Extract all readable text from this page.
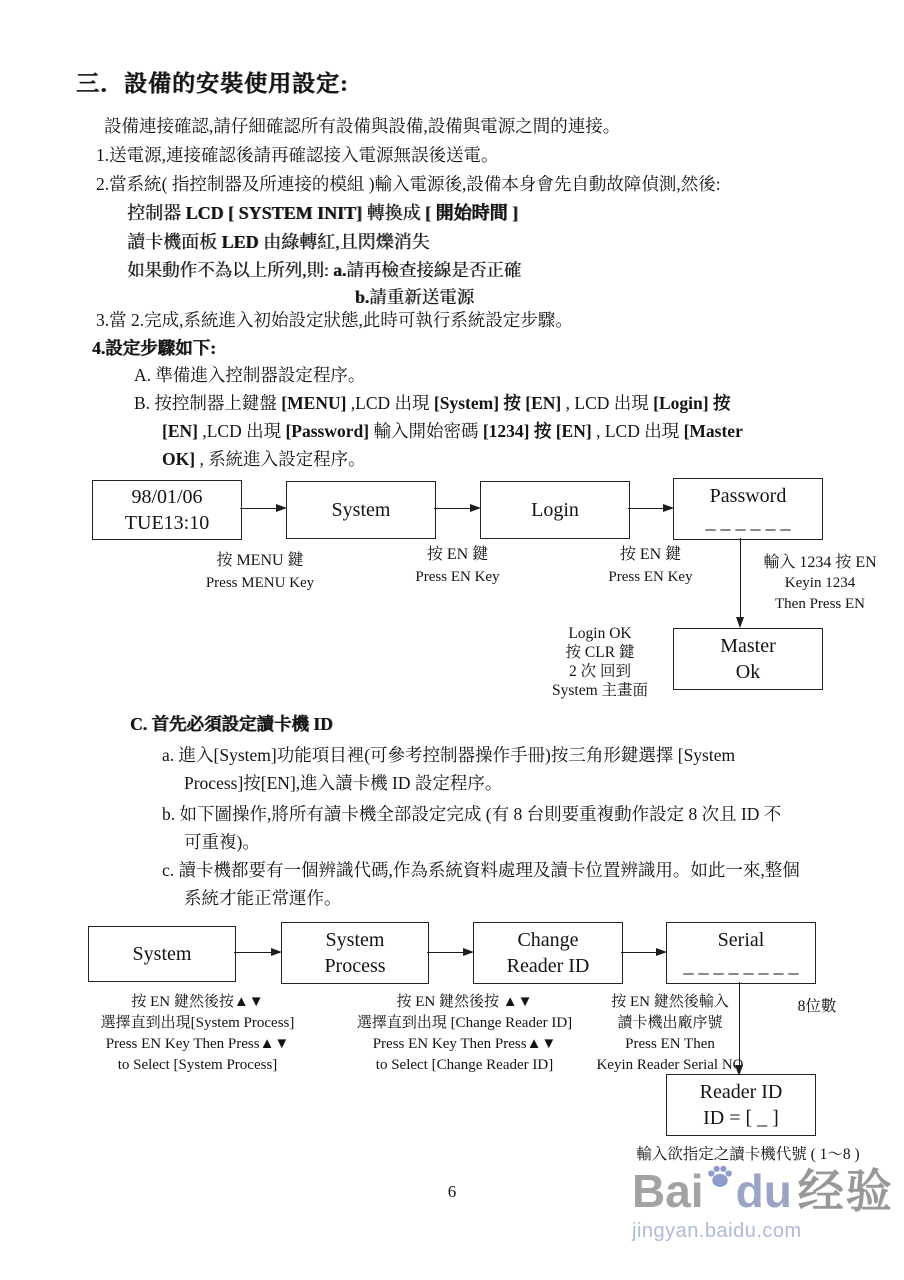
三．設備的安裝使用設定:
設備連接確認,請仔細確認所有設備與設備,設備與電源之間的連接。
1.送電源,連接確認後請再確認接入電源無誤後送電。
2.當系統( 指控制器及所連接的模組 )輸入電源後,設備本身會先自動故障偵測,然後:
控制器 LCD [ SYSTEM INIT] 轉換成 [ 開始時間 ]
讀卡機面板 LED 由綠轉紅,且閃爍消失
如果動作不為以上所列,則: a.請再檢查接線是否正確
b.請重新送電源
3.當 2.完成,系統進入初始設定狀態,此時可執行系統設定步驟。
4.設定步驟如下:
A. 準備進入控制器設定程序。
B. 按控制器上鍵盤 [MENU] ,LCD 出現 [System] 按 [EN] , LCD 出現 [Login] 按
[EN] ,LCD 出現 [Password] 輸入開始密碼 [1234] 按 [EN] , LCD 出現 [Master
OK] , 系統進入設定程序。
98/01/06
TUE13:10
System	Login
Password
_ _ _ _ _ _
按 MENU 鍵
Press MENU Key
按 EN 鍵
Press EN Key
按 EN 鍵
Press EN Key
輸入 1234 按 EN
Keyin 1234
Then Press EN
Login OK
按 CLR 鍵
2 次 回到
System 主畫面
Master
Ok
C. 首先必須設定讀卡機 ID
a. 進入[System]功能項目裡(可參考控制器操作手冊)按三角形鍵選擇 [System
Process]按[EN],進入讀卡機 ID 設定程序。
b. 如下圖操作,將所有讀卡機全部設定完成 (有 8 台則要重複動作設定 8 次且 ID 不
可重複)。
c. 讀卡機都要有一個辨識代碼,作為系統資料處理及讀卡位置辨識用。如此一來,整個
系統才能正常運作。
System
System
Process
Change
Reader ID
Serial
_ _ _ _ _ _ _ _
按 EN 鍵然後按▲▼
選擇直到出現[System Process]
Press EN Key Then Press▲▼
to Select [System Process]
按 EN 鍵然後按 ▲▼
選擇直到出現 [Change Reader ID]
Press EN Key Then Press▲▼
to Select [Change Reader ID]
按 EN 鍵然後輸入
讀卡機出廠序號
Press EN Then
Keyin Reader Serial NO
8位數
Reader ID
ID = [ _ ]
輸入欲指定之讀卡機代號 ( 1～8 )
6	Bai du 经验
jingyan.baidu.com
